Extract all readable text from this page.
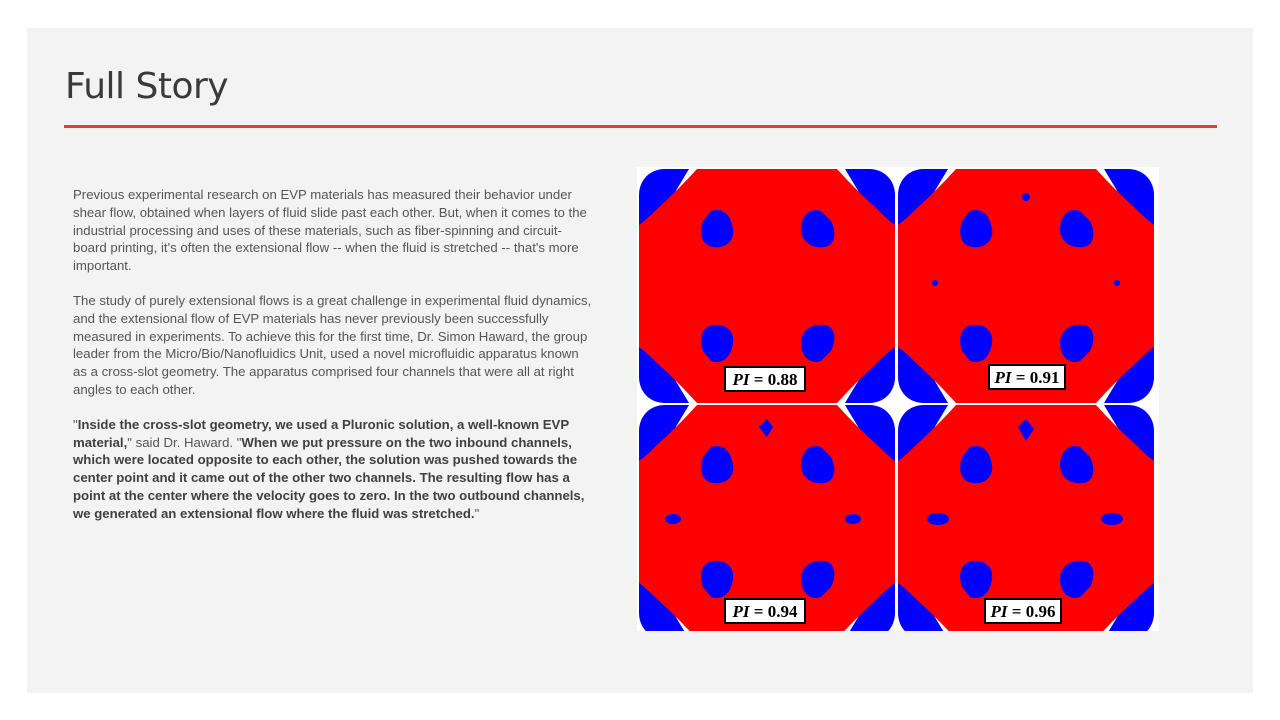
Full Story

Previous experimental research on EVP materials has measured their behavior under shear flow, obtained when layers of fluid slide past each other. But, when it comes to the industrial processing and uses of these materials, such as fiber-spinning and circuit-board printing, it's often the extensional flow -- when the fluid is stretched -- that's more important.

The study of purely extensional flows is a great challenge in experimental fluid dynamics, and the extensional flow of EVP materials has never previously been successfully measured in experiments. To achieve this for the first time, Dr. Simon Haward, the group leader from the Micro/Bio/Nanofluidics Unit, used a novel microfluidic apparatus known as a cross-slot geometry. The apparatus comprised four channels that were all at right angles to each other.

"Inside the cross-slot geometry, we used a Pluronic solution, a well-known EVP material," said Dr. Haward. "When we put pressure on the two inbound channels, which were located opposite to each other, the solution was pushed towards the center point and it came out of the other two channels. The resulting flow has a point at the center where the velocity goes to zero. In the two outbound channels, we generated an extensional flow where the fluid was stretched."

PI = 0.88	PI = 0.91
PI = 0.94	PI = 0.96
